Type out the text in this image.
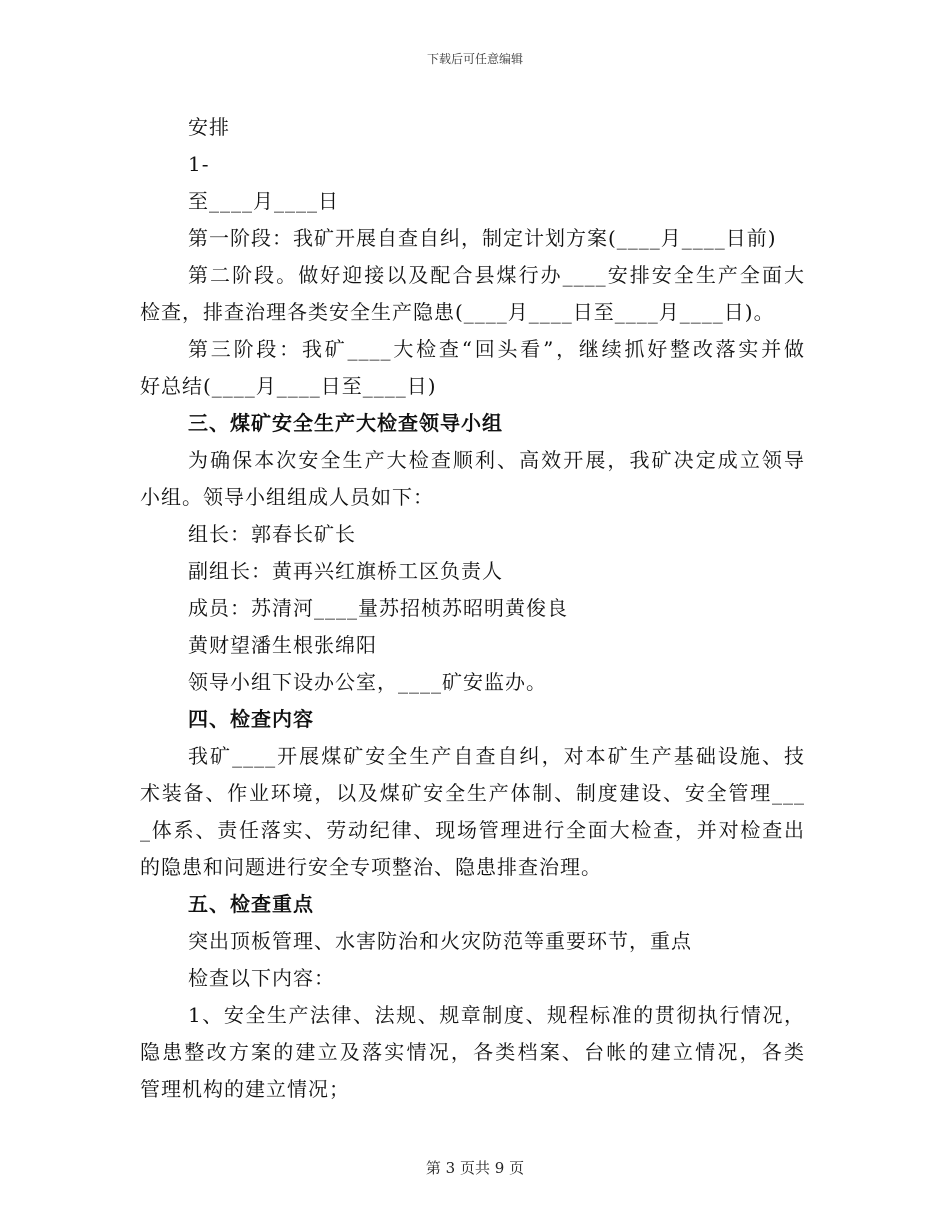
下载后可任意编辑
安排
1-
至____月____日
第一阶段：我矿开展自查自纠，制定计划方案(____月____日前)
第二阶段。做好迎接以及配合县煤行办____安排安全生产全面大
检查，排查治理各类安全生产隐患(____月____日至____月____日)。
第三阶段：我矿____大检查“回头看”，继续抓好整改落实并做
好总结(____月____日至____日)
三、煤矿安全生产大检查领导小组
为确保本次安全生产大检查顺利、高效开展，我矿决定成立领导
小组。领导小组组成人员如下：
组长：郭春长矿长
副组长：黄再兴红旗桥工区负责人
成员：苏清河____量苏招桢苏昭明黄俊良
黄财望潘生根张绵阳
领导小组下设办公室，____矿安监办。
四、检查内容
我矿____开展煤矿安全生产自查自纠，对本矿生产基础设施、技
术装备、作业环境，以及煤矿安全生产体制、制度建设、安全管理___
_体系、责任落实、劳动纪律、现场管理进行全面大检查，并对检查出
的隐患和问题进行安全专项整治、隐患排查治理。
五、检查重点
突出顶板管理、水害防治和火灾防范等重要环节，重点
检查以下内容：
1、安全生产法律、法规、规章制度、规程标准的贯彻执行情况，
隐患整改方案的建立及落实情况，各类档案、台帐的建立情况，各类
管理机构的建立情况；
第 3 页共 9 页
